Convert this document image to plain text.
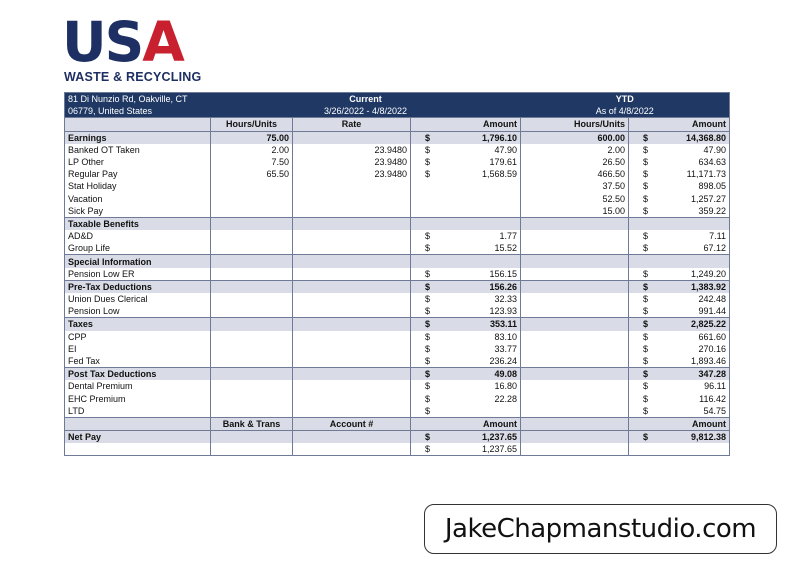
USA
WASTE & RECYCLING
81 Di Nunzio Rd, Oakville, CT
06779, United States	Current			YTD	
	3/26/2022 - 4/8/2022			As of 4/8/2022	
	Hours/Units	Rate	Amount	Hours/Units	Amount
Earnings	75.00		$ 1,796.10	600.00	$ 14,368.80
Banked OT Taken	2.00	23.9480	$ 47.90	2.00	$ 47.90
LP Other	7.50	23.9480	$ 179.61	26.50	$ 634.63
Regular Pay	65.50	23.9480	$ 1,568.59	466.50	$ 11,171.73
Stat Holiday				37.50	$ 898.05
Vacation				52.50	$ 1,257.27
Sick Pay				15.00	$ 359.22
Taxable Benefits			

AD&D			$ 1.77		$ 7.11
Group Life			$ 15.52		$ 67.12
Special Information			

Pension Low ER			$ 156.15		$ 1,249.20
Pre-Tax Deductions			$ 156.26		$ 1,383.92
Union Dues Clerical			$ 32.33		$ 242.48
Pension Low			$ 123.93		$ 991.44
Taxes			$ 353.11		$ 2,825.22
CPP			$ 83.10		$ 661.60
EI			$ 33.77		$ 270.16
Fed Tax			$ 236.24		$ 1,893.46
Post Tax Deductions			$ 49.08		$ 347.28
Dental Premium			$ 16.80		$ 96.11
EHC Premium			$ 22.28		$ 116.42
LTD			$		$ 54.75
	Bank & Trans	Account #	Amount		Amount
Net Pay			$ 1,237.65		$ 9,812.38

			$ 1,237.65		
JakeChapmanstudio.com
